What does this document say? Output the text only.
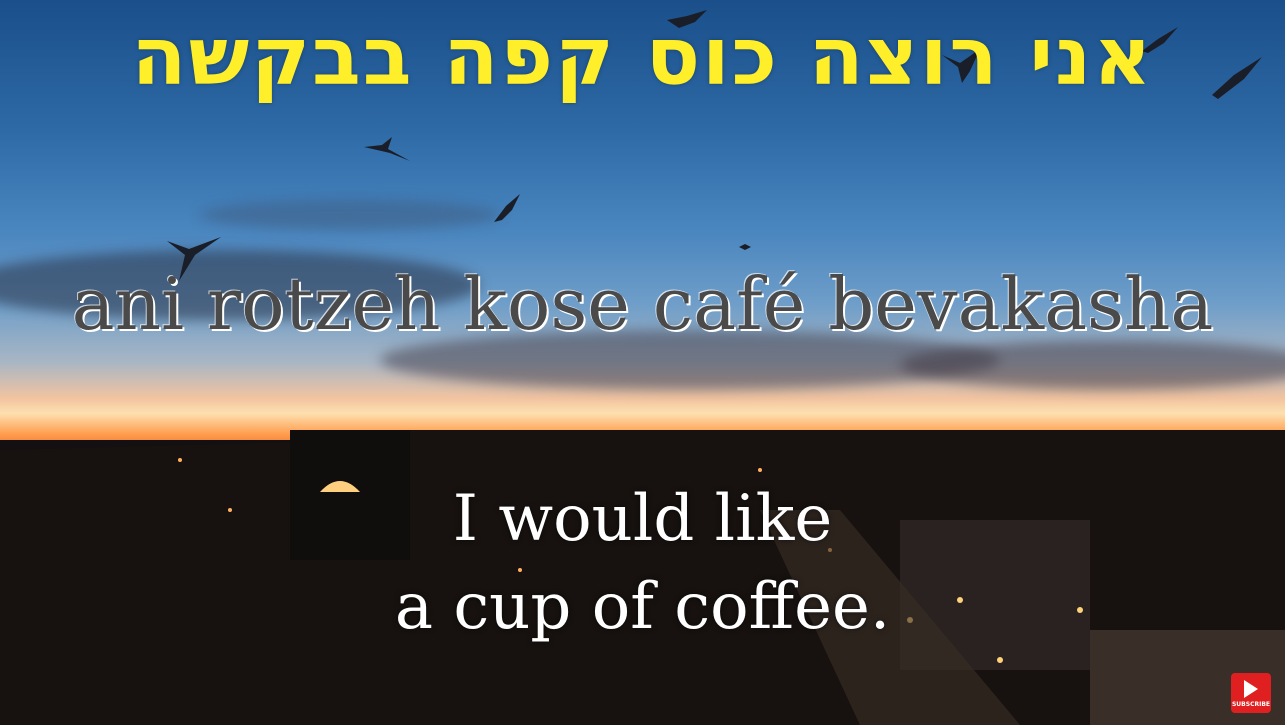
אני רוצה כוס קפה בבקשה
ani rotzeh kose café bevakasha
I would like
a cup of coffee.
SUBSCRIBE
